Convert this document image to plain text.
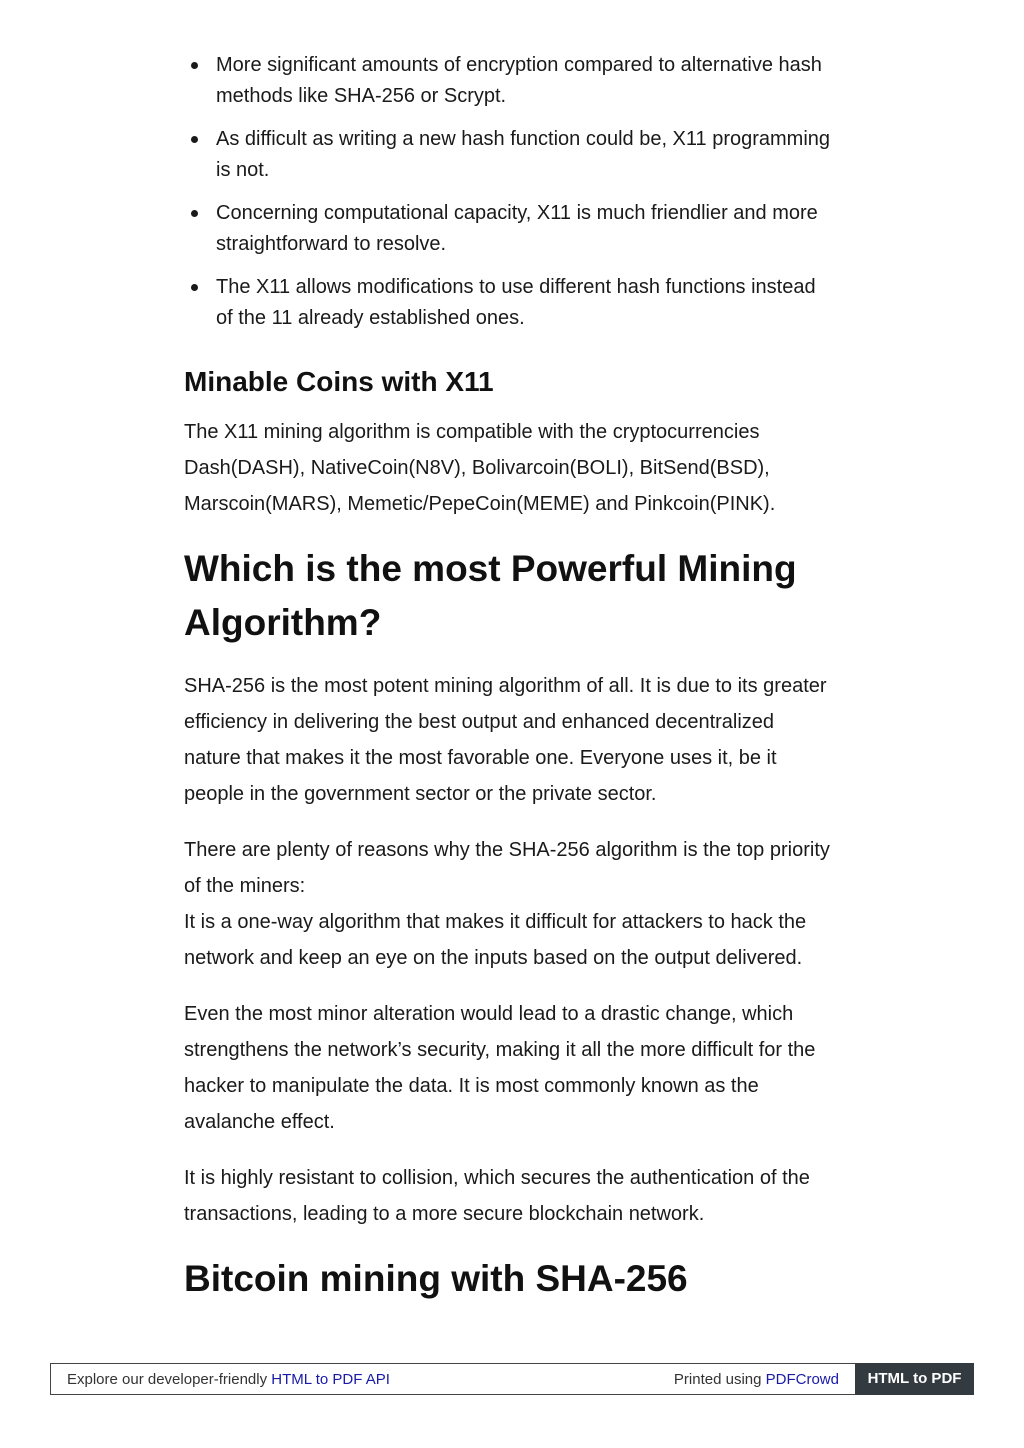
More significant amounts of encryption compared to alternative hash methods like SHA-256 or Scrypt.
As difficult as writing a new hash function could be, X11 programming is not.
Concerning computational capacity, X11 is much friendlier and more straightforward to resolve.
The X11 allows modifications to use different hash functions instead of the 11 already established ones.
Minable Coins with X11

The X11 mining algorithm is compatible with the cryptocurrencies Dash(DASH), NativeCoin(N8V), Bolivarcoin(BOLI), BitSend(BSD), Marscoin(MARS), Memetic/PepeCoin(MEME) and Pinkcoin(PINK).

Which is the most Powerful Mining Algorithm?

SHA-256 is the most potent mining algorithm of all. It is due to its greater efficiency in delivering the best output and enhanced decentralized nature that makes it the most favorable one. Everyone uses it, be it people in the government sector or the private sector.

There are plenty of reasons why the SHA-256 algorithm is the top priority of the miners:
It is a one-way algorithm that makes it difficult for attackers to hack the network and keep an eye on the inputs based on the output delivered.

Even the most minor alteration would lead to a drastic change, which strengthens the network’s security, making it all the more difficult for the hacker to manipulate the data. It is most commonly known as the avalanche effect.

It is highly resistant to collision, which secures the authentication of the transactions, leading to a more secure blockchain network.

Bitcoin mining with SHA-256
Explore our developer-friendly HTML to PDF API	Printed using PDFCrowd	HTML to PDF
